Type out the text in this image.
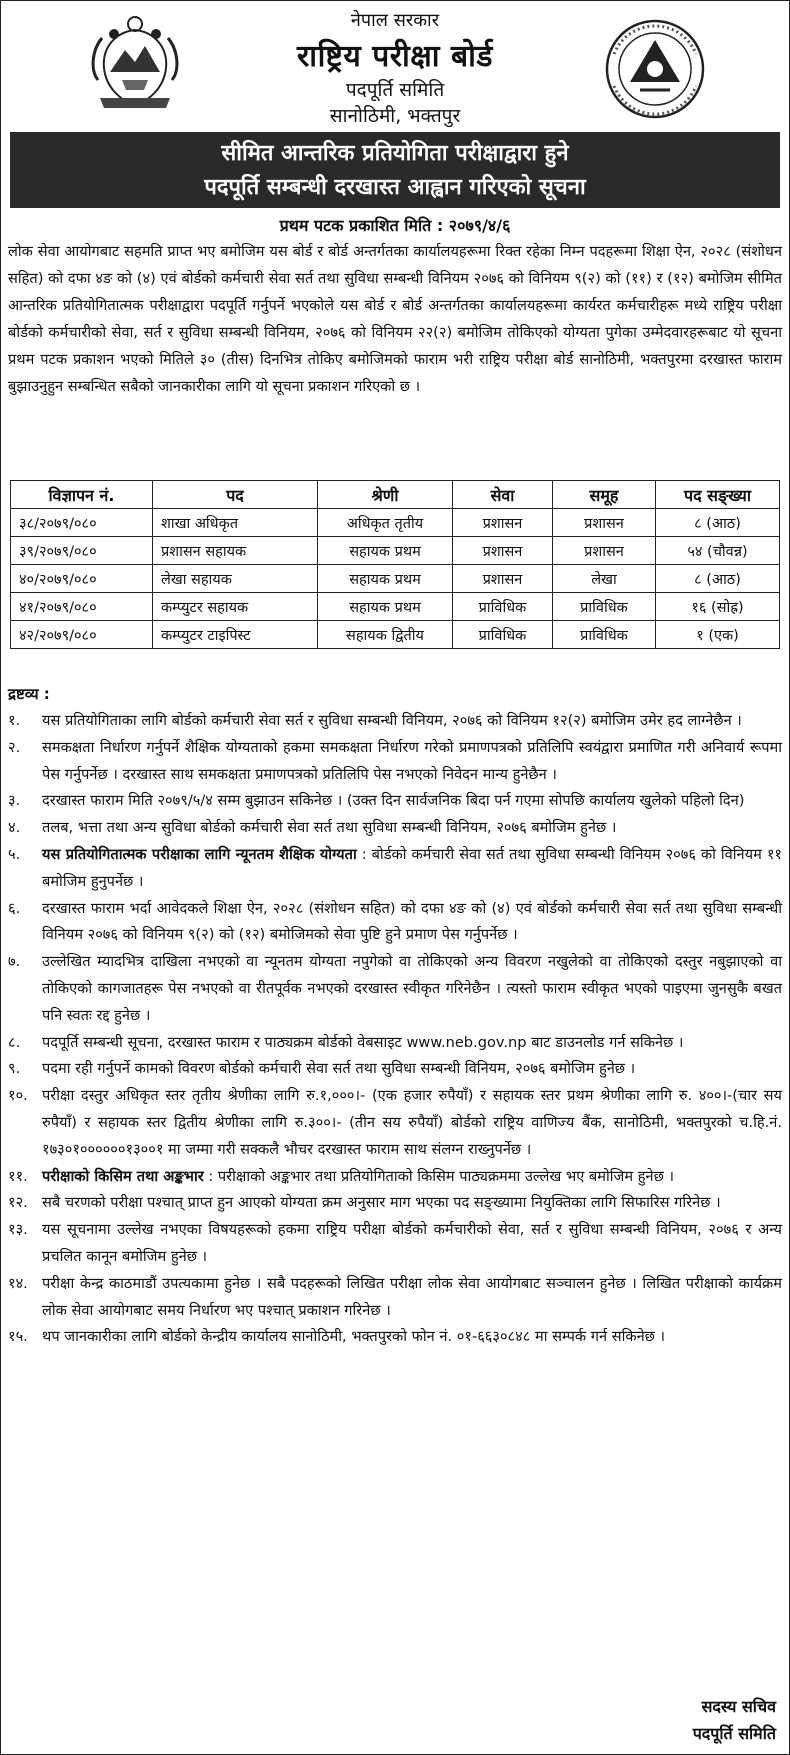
नेपाल सरकार
राष्ट्रिय परीक्षा बोर्ड
पदपूर्ति समिति
सानोठिमी, भक्तपुर
सीमित आन्तरिक प्रतियोगिता परीक्षाद्वारा हुने
पदपूर्ति सम्बन्धी दरखास्त आह्वान गरिएको सूचना
प्रथम पटक प्रकाशित मिति : २०७९/४/६
लोक सेवा आयोगबाट सहमति प्राप्त भए बमोजिम यस बोर्ड र बोर्ड अन्तर्गतका कार्यालयहरूमा रिक्त रहेका निम्न पदहरूमा शिक्षा ऐन, २०२८ (संशोधन सहित) को दफा ४ङ को (४) एवं बोर्डको कर्मचारी सेवा सर्त तथा सुविधा सम्बन्धी विनियम २०७६ को विनियम ९(२) को (११) र (१२) बमोजिम सीमित आन्तरिक प्रतियोगितात्मक परीक्षाद्वारा पदपूर्ति गर्नुपर्ने भएकोले यस बोर्ड र बोर्ड अन्तर्गतका कार्यालयहरूमा कार्यरत कर्मचारीहरू मध्ये राष्ट्रिय परीक्षा बोर्डको कर्मचारीको सेवा, सर्त र सुविधा सम्बन्धी विनियम, २०७६ को विनियम २२(२) बमोजिम तोकिएको योग्यता पुगेका उम्मेदवारहरूबाट यो सूचना प्रथम पटक प्रकाशन भएको मितिले ३० (तीस) दिनभित्र तोकिए बमोजिमको फाराम भरी राष्ट्रिय परीक्षा बोर्ड सानोठिमी, भक्तपुरमा दरखास्त फाराम बुझाउनुहुन सम्बन्धित सबैको जानकारीका लागि यो सूचना प्रकाशन गरिएको छ ।
विज्ञापन नं.	पद	श्रेणी	सेवा	समूह	पद सङ्ख्या
३८/२०७९/०८०	शाखा अधिकृत	अधिकृत तृतीय	प्रशासन	प्रशासन	८ (आठ)
३९/२०७९/०८०	प्रशासन सहायक	सहायक प्रथम	प्रशासन	प्रशासन	५४ (चौवन्न)
४०/२०७९/०८०	लेखा सहायक	सहायक प्रथम	प्रशासन	लेखा	८ (आठ)
४१/२०७९/०८०	कम्प्युटर सहायक	सहायक प्रथम	प्राविधिक	प्राविधिक	१६ (सोह्र)
४२/२०७९/०८०	कम्प्युटर टाइपिस्ट	सहायक द्वितीय	प्राविधिक	प्राविधिक	१ (एक)
द्रष्टव्य :
१.	यस प्रतियोगिताका लागि बोर्डको कर्मचारी सेवा सर्त र सुविधा सम्बन्धी विनियम, २०७६ को विनियम १२(२) बमोजिम उमेर हद लाग्नेछैन ।
२.	समकक्षता निर्धारण गर्नुपर्ने शैक्षिक योग्यताको हकमा समकक्षता निर्धारण गरेको प्रमाणपत्रको प्रतिलिपि स्वयंद्वारा प्रमाणित गरी अनिवार्य रूपमा पेस गर्नुपर्नेछ । दरखास्त साथ समकक्षता प्रमाणपत्रको प्रतिलिपि पेस नभएको निवेदन मान्य हुनेछैन ।
३.	दरखास्त फाराम मिति २०७९/५/४ सम्म बुझाउन सकिनेछ । (उक्त दिन सार्वजनिक बिदा पर्न गएमा सोपछि कार्यालय खुलेको पहिलो दिन)
४.	तलब, भत्ता तथा अन्य सुविधा बोर्डको कर्मचारी सेवा सर्त तथा सुविधा सम्बन्धी विनियम, २०७६ बमोजिम हुनेछ ।
५.	यस प्रतियोगितात्मक परीक्षाका लागि न्यूनतम शैक्षिक योग्यता : बोर्डको कर्मचारी सेवा सर्त तथा सुविधा सम्बन्धी विनियम २०७६ को विनियम ११ बमोजिम हुनुपर्नेछ ।
६.	दरखास्त फाराम भर्दा आवेदकले शिक्षा ऐन, २०२८ (संशोधन सहित) को दफा ४ङ को (४) एवं बोर्डको कर्मचारी सेवा सर्त तथा सुविधा सम्बन्धी विनियम २०७६ को विनियम ९(२) को (१२) बमोजिमको सेवा पुष्टि हुने प्रमाण पेस गर्नुपर्नेछ ।
७.	उल्लेखित म्यादभित्र दाखिला नभएको वा न्यूनतम योग्यता नपुगेको वा तोकिएको अन्य विवरण नखुलेको वा तोकिएको दस्तुर नबुझाएको वा तोकिएको कागजातहरू पेस नभएको वा रीतपूर्वक नभएको दरखास्त स्वीकृत गरिनेछैन । त्यस्तो फाराम स्वीकृत भएको पाइएमा जुनसुकै बखत पनि स्वतः रद्द हुनेछ ।
८.	पदपूर्ति सम्बन्धी सूचना, दरखास्त फाराम र पाठ्यक्रम बोर्डको वेबसाइट www.neb.gov.np बाट डाउनलोड गर्न सकिनेछ ।
९.	पदमा रही गर्नुपर्ने कामको विवरण बोर्डको कर्मचारी सेवा सर्त तथा सुविधा सम्बन्धी विनियम, २०७६ बमोजिम हुनेछ ।
१०. परीक्षा दस्तुर अधिकृत स्तर तृतीय श्रेणीका लागि रु.१,०००।- (एक हजार रुपैयाँ) र सहायक स्तर प्रथम श्रेणीका लागि रु. ४००।-(चार सय रुपैयाँ) र सहायक स्तर द्वितीय श्रेणीका लागि रु.३००।- (तीन सय रुपैयाँ) बोर्डको राष्ट्रिय वाणिज्य बैंक, सानोठिमी, भक्तपुरको च.हि.नं. १७३०१००००००१३००१ मा जम्मा गरी सक्कलै भौचर दरखास्त फाराम साथ संलग्न राख्नुपर्नेछ ।
११. परीक्षाको किसिम तथा अङ्कभार : परीक्षाको अङ्कभार तथा प्रतियोगिताको किसिम पाठ्यक्रममा उल्लेख भए बमोजिम हुनेछ ।
१२. सबै चरणको परीक्षा पश्चात् प्राप्त हुन आएको योग्यता क्रम अनुसार माग भएका पद सङ्ख्यामा नियुक्तिका लागि सिफारिस गरिनेछ ।
१३. यस सूचनामा उल्लेख नभएका विषयहरूको हकमा राष्ट्रिय परीक्षा बोर्डको कर्मचारीको सेवा, सर्त र सुविधा सम्बन्धी विनियम, २०७६ र अन्य प्रचलित कानून बमोजिम हुनेछ ।
१४. परीक्षा केन्द्र काठमाडौं उपत्यकामा हुनेछ । सबै पदहरूको लिखित परीक्षा लोक सेवा आयोगबाट सञ्चालन हुनेछ । लिखित परीक्षाको कार्यक्रम लोक सेवा आयोगबाट समय निर्धारण भए पश्चात् प्रकाशन गरिनेछ ।
१५. थप जानकारीका लागि बोर्डको केन्द्रीय कार्यालय सानोठिमी, भक्तपुरको फोन नं. ०१-६६३०८४८ मा सम्पर्क गर्न सकिनेछ ।
सदस्य सचिव
पदपूर्ति समिति
